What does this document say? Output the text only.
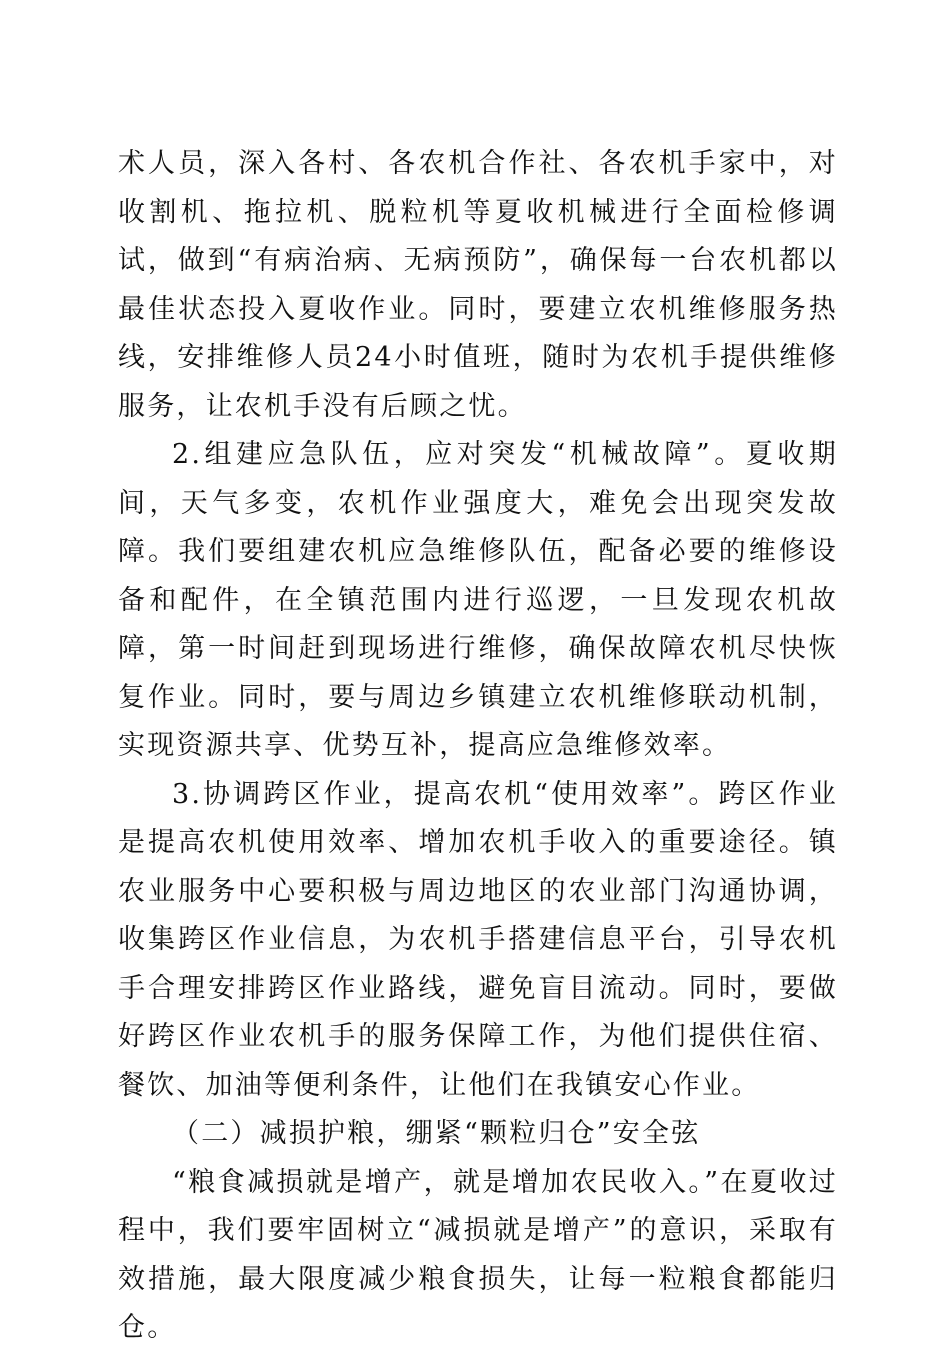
术人员，深入各村、各农机合作社、各农机手家中，对收割机、拖拉机、脱粒机等夏收机械进行全面检修调试，做到“有病治病、无病预防”，确保每一台农机都以最佳状态投入夏收作业。同时，要建立农机维修服务热线，安排维修人员24小时值班，随时为农机手提供维修服务，让农机手没有后顾之忧。

2.组建应急队伍，应对突发“机械故障”。夏收期间，天气多变，农机作业强度大，难免会出现突发故障。我们要组建农机应急维修队伍，配备必要的维修设备和配件，在全镇范围内进行巡逻，一旦发现农机故障，第一时间赶到现场进行维修，确保故障农机尽快恢复作业。同时，要与周边乡镇建立农机维修联动机制，实现资源共享、优势互补，提高应急维修效率。

3.协调跨区作业，提高农机“使用效率”。跨区作业是提高农机使用效率、增加农机手收入的重要途径。镇农业服务中心要积极与周边地区的农业部门沟通协调，收集跨区作业信息，为农机手搭建信息平台，引导农机手合理安排跨区作业路线，避免盲目流动。同时，要做好跨区作业农机手的服务保障工作，为他们提供住宿、餐饮、加油等便利条件，让他们在我镇安心作业。

（二）减损护粮，绷紧“颗粒归仓”安全弦

“粮食减损就是增产，就是增加农民收入。”在夏收过程中，我们要牢固树立“减损就是增产”的意识，采取有效措施，最大限度减少粮食损失，让每一粒粮食都能归仓。
